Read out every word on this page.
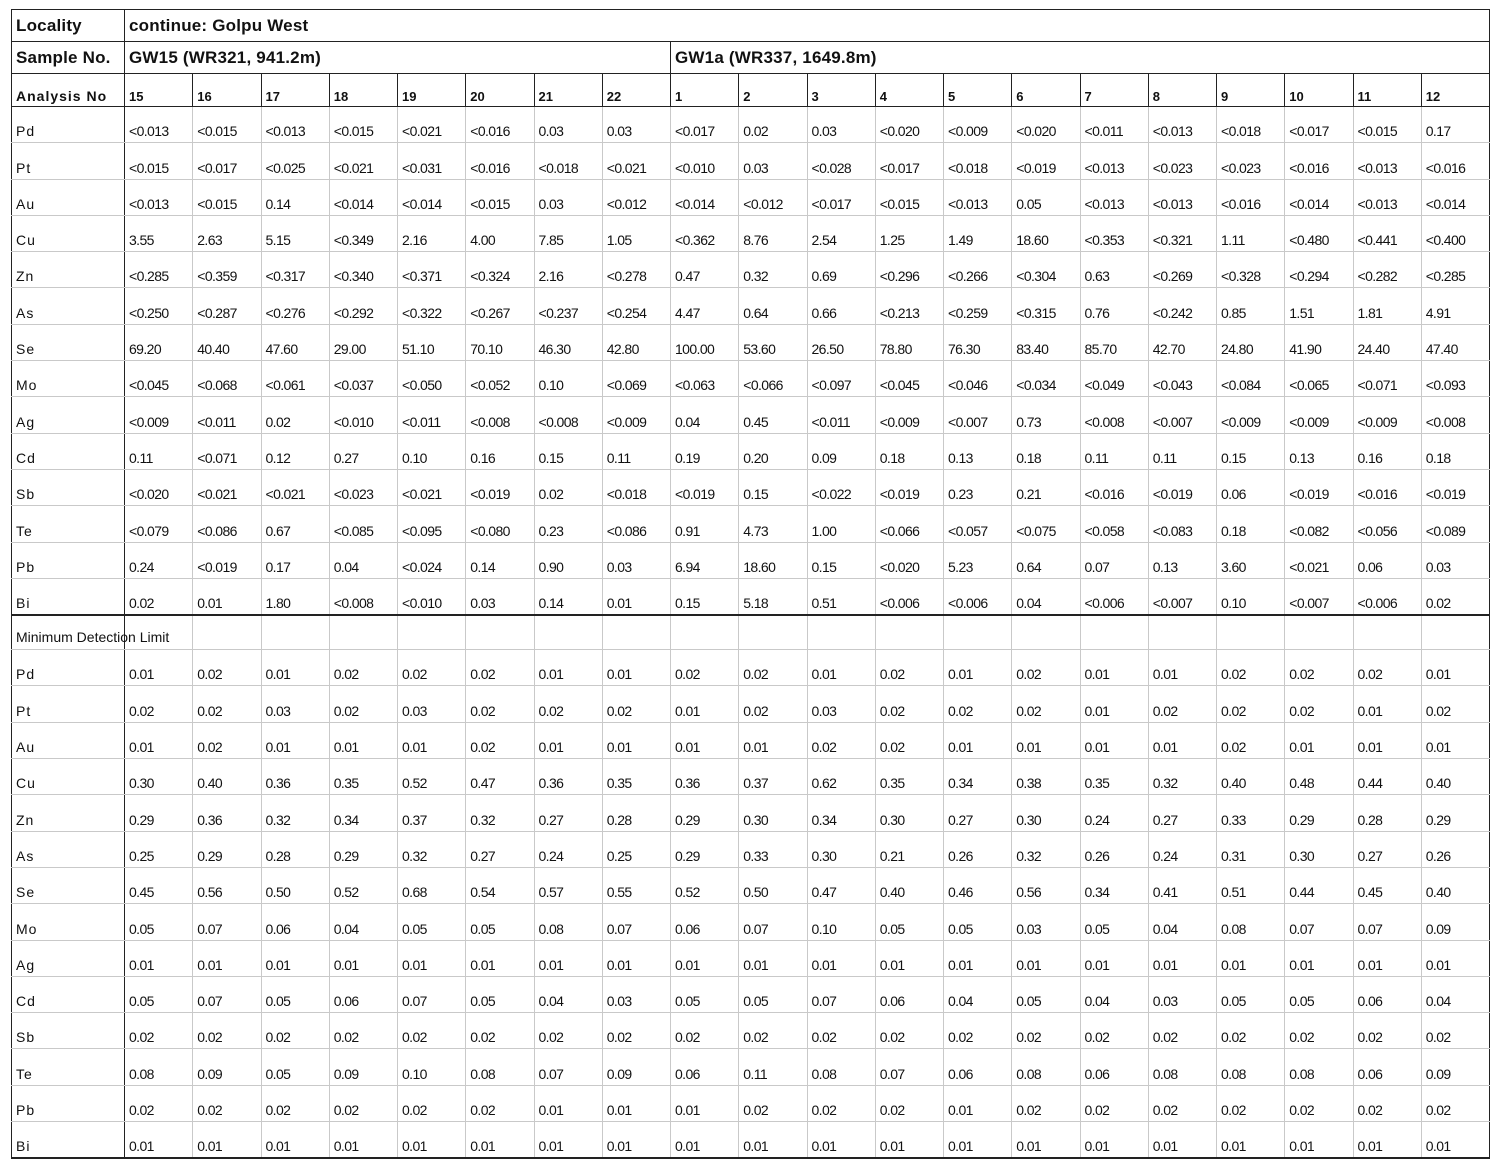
Locality	continue: Golpu West																			
Sample No.	GW15 (WR321, 941.2m)								GW1a (WR337, 1649.8m)											
Analysis No	15	16	17	18	19	20	21	22	1	2	3	4	5	6	7	8	9	10	11	12
Pd	<0.013	<0.015	<0.013	<0.015	<0.021	<0.016	0.03	0.03	<0.017	0.02	0.03	<0.020	<0.009	<0.020	<0.011	<0.013	<0.018	<0.017	<0.015	0.17
Pt	<0.015	<0.017	<0.025	<0.021	<0.031	<0.016	<0.018	<0.021	<0.010	0.03	<0.028	<0.017	<0.018	<0.019	<0.013	<0.023	<0.023	<0.016	<0.013	<0.016
Au	<0.013	<0.015	0.14	<0.014	<0.014	<0.015	0.03	<0.012	<0.014	<0.012	<0.017	<0.015	<0.013	0.05	<0.013	<0.013	<0.016	<0.014	<0.013	<0.014
Cu	3.55	2.63	5.15	<0.349	2.16	4.00	7.85	1.05	<0.362	8.76	2.54	1.25	1.49	18.60	<0.353	<0.321	1.11	<0.480	<0.441	<0.400
Zn	<0.285	<0.359	<0.317	<0.340	<0.371	<0.324	2.16	<0.278	0.47	0.32	0.69	<0.296	<0.266	<0.304	0.63	<0.269	<0.328	<0.294	<0.282	<0.285
As	<0.250	<0.287	<0.276	<0.292	<0.322	<0.267	<0.237	<0.254	4.47	0.64	0.66	<0.213	<0.259	<0.315	0.76	<0.242	0.85	1.51	1.81	4.91
Se	69.20	40.40	47.60	29.00	51.10	70.10	46.30	42.80	100.00	53.60	26.50	78.80	76.30	83.40	85.70	42.70	24.80	41.90	24.40	47.40
Mo	<0.045	<0.068	<0.061	<0.037	<0.050	<0.052	0.10	<0.069	<0.063	<0.066	<0.097	<0.045	<0.046	<0.034	<0.049	<0.043	<0.084	<0.065	<0.071	<0.093
Ag	<0.009	<0.011	0.02	<0.010	<0.011	<0.008	<0.008	<0.009	0.04	0.45	<0.011	<0.009	<0.007	0.73	<0.008	<0.007	<0.009	<0.009	<0.009	<0.008
Cd	0.11	<0.071	0.12	0.27	0.10	0.16	0.15	0.11	0.19	0.20	0.09	0.18	0.13	0.18	0.11	0.11	0.15	0.13	0.16	0.18
Sb	<0.020	<0.021	<0.021	<0.023	<0.021	<0.019	0.02	<0.018	<0.019	0.15	<0.022	<0.019	0.23	0.21	<0.016	<0.019	0.06	<0.019	<0.016	<0.019
Te	<0.079	<0.086	0.67	<0.085	<0.095	<0.080	0.23	<0.086	0.91	4.73	1.00	<0.066	<0.057	<0.075	<0.058	<0.083	0.18	<0.082	<0.056	<0.089
Pb	0.24	<0.019	0.17	0.04	<0.024	0.14	0.90	0.03	6.94	18.60	0.15	<0.020	5.23	0.64	0.07	0.13	3.60	<0.021	0.06	0.03
Bi	0.02	0.01	1.80	<0.008	<0.010	0.03	0.14	0.01	0.15	5.18	0.51	<0.006	<0.006	0.04	<0.006	<0.007	0.10	<0.007	<0.006	0.02
Minimum Detection Limit																				
Pd	0.01	0.02	0.01	0.02	0.02	0.02	0.01	0.01	0.02	0.02	0.01	0.02	0.01	0.02	0.01	0.01	0.02	0.02	0.02	0.01
Pt	0.02	0.02	0.03	0.02	0.03	0.02	0.02	0.02	0.01	0.02	0.03	0.02	0.02	0.02	0.01	0.02	0.02	0.02	0.01	0.02
Au	0.01	0.02	0.01	0.01	0.01	0.02	0.01	0.01	0.01	0.01	0.02	0.02	0.01	0.01	0.01	0.01	0.02	0.01	0.01	0.01
Cu	0.30	0.40	0.36	0.35	0.52	0.47	0.36	0.35	0.36	0.37	0.62	0.35	0.34	0.38	0.35	0.32	0.40	0.48	0.44	0.40
Zn	0.29	0.36	0.32	0.34	0.37	0.32	0.27	0.28	0.29	0.30	0.34	0.30	0.27	0.30	0.24	0.27	0.33	0.29	0.28	0.29
As	0.25	0.29	0.28	0.29	0.32	0.27	0.24	0.25	0.29	0.33	0.30	0.21	0.26	0.32	0.26	0.24	0.31	0.30	0.27	0.26
Se	0.45	0.56	0.50	0.52	0.68	0.54	0.57	0.55	0.52	0.50	0.47	0.40	0.46	0.56	0.34	0.41	0.51	0.44	0.45	0.40
Mo	0.05	0.07	0.06	0.04	0.05	0.05	0.08	0.07	0.06	0.07	0.10	0.05	0.05	0.03	0.05	0.04	0.08	0.07	0.07	0.09
Ag	0.01	0.01	0.01	0.01	0.01	0.01	0.01	0.01	0.01	0.01	0.01	0.01	0.01	0.01	0.01	0.01	0.01	0.01	0.01	0.01
Cd	0.05	0.07	0.05	0.06	0.07	0.05	0.04	0.03	0.05	0.05	0.07	0.06	0.04	0.05	0.04	0.03	0.05	0.05	0.06	0.04
Sb	0.02	0.02	0.02	0.02	0.02	0.02	0.02	0.02	0.02	0.02	0.02	0.02	0.02	0.02	0.02	0.02	0.02	0.02	0.02	0.02
Te	0.08	0.09	0.05	0.09	0.10	0.08	0.07	0.09	0.06	0.11	0.08	0.07	0.06	0.08	0.06	0.08	0.08	0.08	0.06	0.09
Pb	0.02	0.02	0.02	0.02	0.02	0.02	0.01	0.01	0.01	0.02	0.02	0.02	0.01	0.02	0.02	0.02	0.02	0.02	0.02	0.02
Bi	0.01	0.01	0.01	0.01	0.01	0.01	0.01	0.01	0.01	0.01	0.01	0.01	0.01	0.01	0.01	0.01	0.01	0.01	0.01	0.01
